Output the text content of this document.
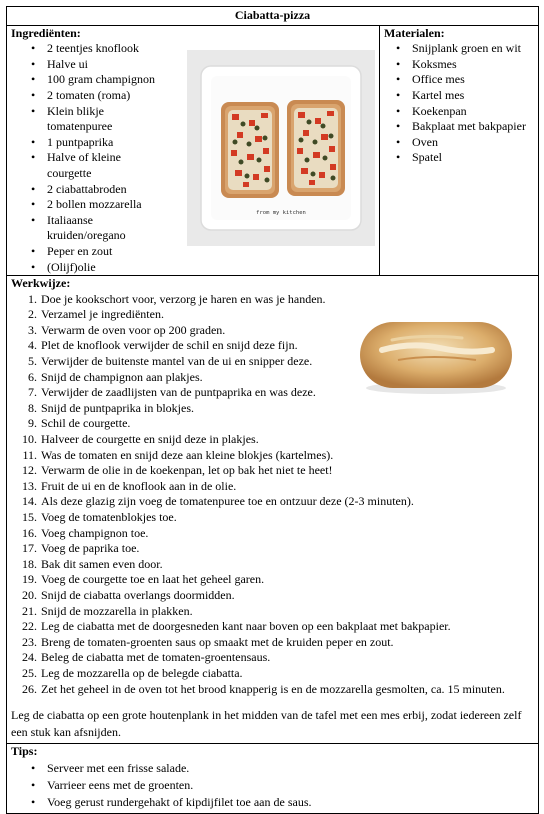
Ciabatta-pizza

Ingrediënten:
• 2 teentjes knoflook
• Halve ui
• 100 gram champignon
• 2 tomaten (roma)
• Klein blikje tomatenpuree
• 1 puntpaprika
• Halve of kleine courgette
• 2 ciabattabroden
• 2 bollen mozzarella
• Italiaanse kruiden/oregano
• Peper en zout
• (Olijf)olie
from my kitchen

Materialen:
• Snijplank groen en wit
• Koksmes
• Office mes
• Kartel mes
• Koekenpan
• Bakplaat met bakpapier
• Oven
• Spatel

Werkwijze:
1. Doe je kookschort voor, verzorg je haren en was je handen.
2. Verzamel je ingrediënten.
3. Verwarm de oven voor op 200 graden.
4. Plet de knoflook verwijder de schil en snijd deze fijn.
5. Verwijder de buitenste mantel van de ui en snipper deze.
6. Snijd de champignon aan plakjes.
7. Verwijder de zaadlijsten van de puntpaprika en was deze.
8. Snijd de puntpaprika in blokjes.
9. Schil de courgette.
10. Halveer de courgette en snijd deze in plakjes.
11. Was de tomaten en snijd deze aan kleine blokjes (kartelmes).
12. Verwarm de olie in de koekenpan, let op bak het niet te heet!
13. Fruit de ui en de knoflook aan in de olie.
14. Als deze glazig zijn voeg de tomatenpuree toe en ontzuur deze (2-3 minuten).
15. Voeg de tomatenblokjes toe.
16. Voeg champignon toe.
17. Voeg de paprika toe.
18. Bak dit samen even door.
19. Voeg de courgette toe en laat het geheel garen.
20. Snijd de ciabatta overlangs doormidden.
21. Snijd de mozzarella in plakken.
22. Leg de ciabatta met de doorgesneden kant naar boven op een bakplaat met bakpapier.
23. Breng de tomaten-groenten saus op smaakt met de kruiden peper en zout.
24. Beleg de ciabatta met de tomaten-groentensaus.
25. Leg de mozzarella op de belegde ciabatta.
26. Zet het geheel in de oven tot het brood knapperig is en de mozzarella gesmolten, ca. 15 minuten.
Leg de ciabatta op een grote houtenplank in het midden van de tafel met een mes erbij, zodat iedereen zelf een stuk kan afsnijden.

Tips:
• Serveer met een frisse salade.
• Varrieer eens met de groenten.
• Voeg gerust rundergehakt of kipdijfilet toe aan de saus.
